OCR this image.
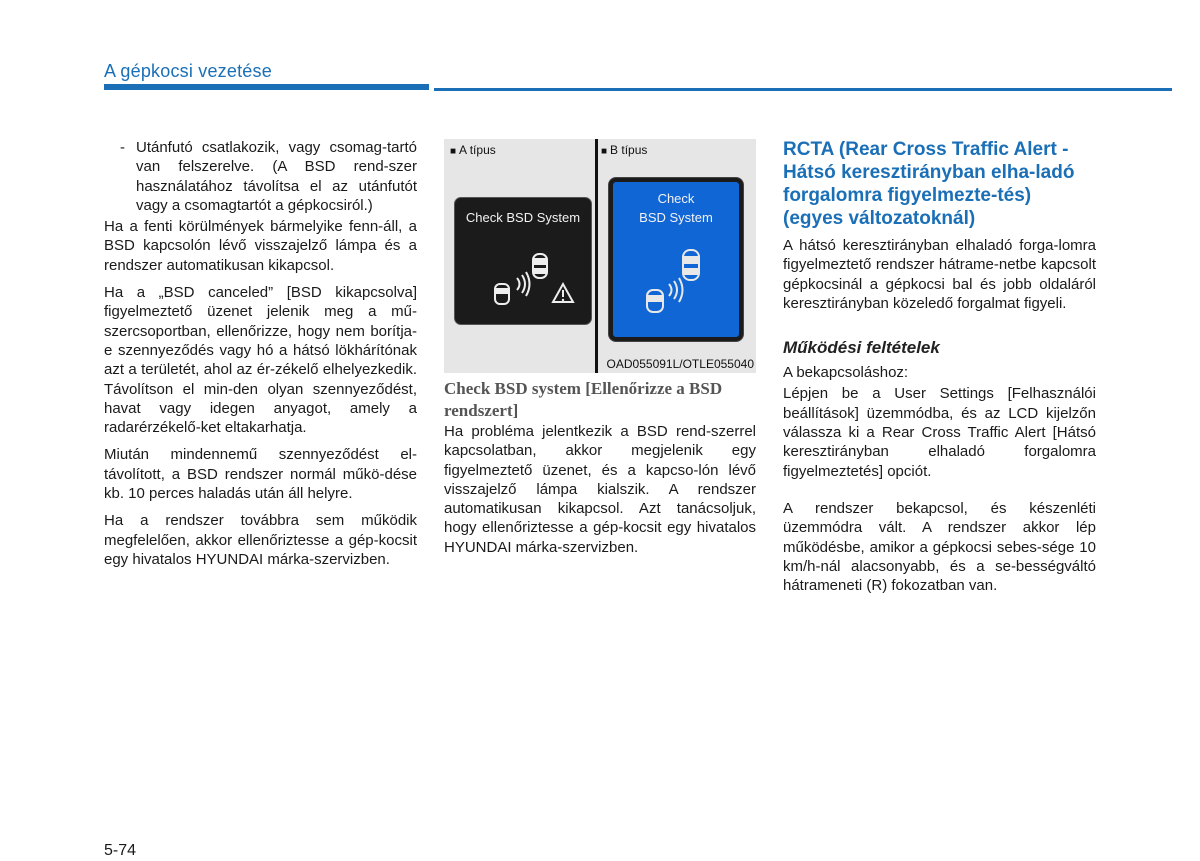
A gépkocsi vezetése

- Utánfutó csatlakozik, vagy csomag-tartó van felszerelve. (A BSD rend-szer használatához távolítsa el az utánfutót vagy a csomagtartót a gépkocsiról.)

Ha a fenti körülmények bármelyike fenn-áll, a BSD kapcsolón lévő visszajelző lámpa és a rendszer automatikusan kikapcsol.

Ha a „BSD canceled” [BSD kikapcsolva] figyelmeztető üzenet jelenik meg a mű-szercsoportban, ellenőrizze, hogy nem borítja-e szennyeződés vagy hó a hátsó lökhárítónak azt a területét, ahol az ér-zékelő elhelyezkedik. Távolítson el min-den olyan szennyeződést, havat vagy idegen anyagot, amely a radarérzékelő-ket eltakarhatja.

Miután mindennemű szennyeződést el-távolított, a BSD rendszer normál műkö-dése kb. 10 perces haladás után áll helyre.

Ha a rendszer továbbra sem működik megfelelően, akkor ellenőriztesse a gép-kocsit egy hivatalos HYUNDAI márka-szervizben.

■ A típus	■ B típus
Check BSD System
Check
BSD System
OAD055091L/OTLE055040
Check BSD system [Ellenőrizze a BSD rendszert]

Ha probléma jelentkezik a BSD rend-szerrel kapcsolatban, akkor megjelenik egy figyelmeztető üzenet, és a kapcso-lón lévő visszajelző lámpa kialszik. A rendszer automatikusan kikapcsol. Azt tanácsoljuk, hogy ellenőriztesse a gép-kocsit egy hivatalos HYUNDAI márka-szervizben.

RCTA (Rear Cross Traffic Alert - Hátsó keresztirányban elha-ladó forgalomra figyelmezte-tés) (egyes változatoknál)

A hátsó keresztirányban elhaladó forga-lomra figyelmeztető rendszer hátrame-netbe kapcsolt gépkocsinál a gépkocsi bal és jobb oldaláról keresztirányban közeledő forgalmat figyeli.

Működési feltételek

A bekapcsoláshoz:

Lépjen be a User Settings [Felhasználói beállítások] üzemmódba, és az LCD kijelzőn válassza ki a Rear Cross Traffic Alert [Hátsó keresztirányban elhaladó forgalomra figyelmeztetés] opciót.

A rendszer bekapcsol, és készenléti üzemmódra vált. A rendszer akkor lép működésbe, amikor a gépkocsi sebes-sége 10 km/h-nál alacsonyabb, és a se-bességváltó hátrameneti (R) fokozatban van.

5-74
